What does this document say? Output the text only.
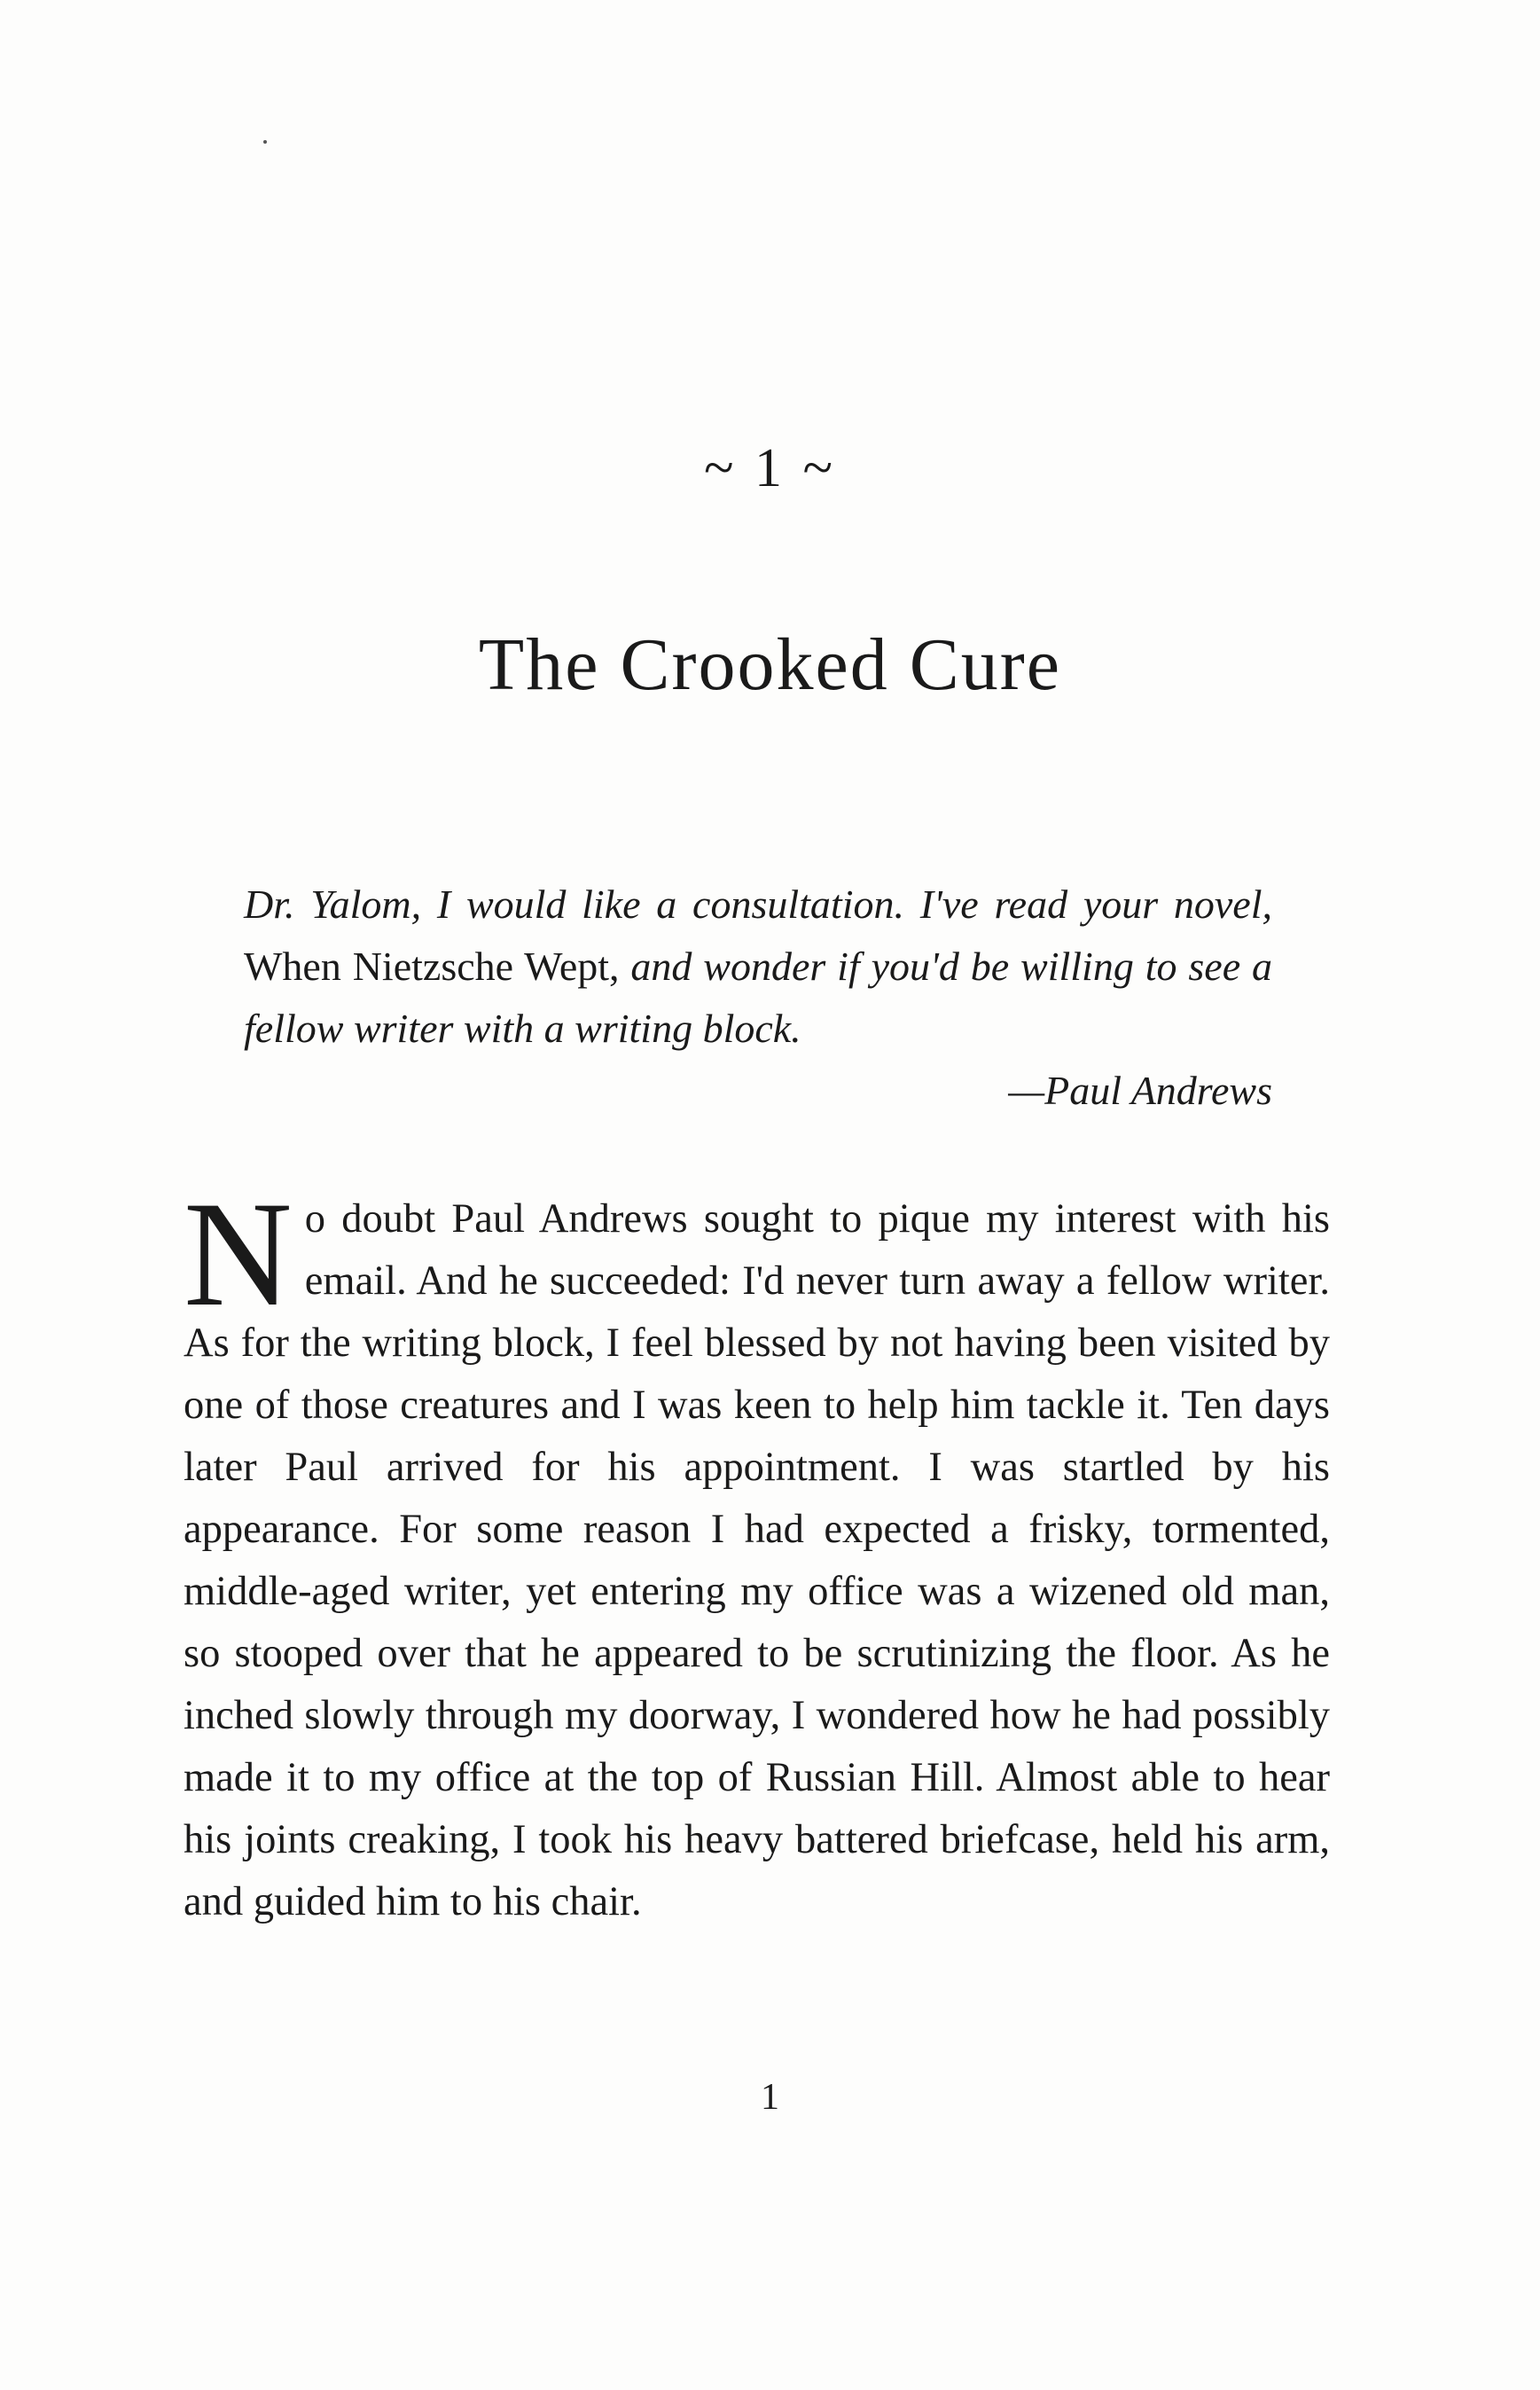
~ 1 ~
The Crooked Cure

Dr. Yalom, I would like a consultation. I've read your novel, When Nietzsche Wept, and wonder if you'd be willing to see a fellow writer with a writing block.

—Paul Andrews

No doubt Paul Andrews sought to pique my interest with his email. And he succeeded: I'd never turn away a fellow writer. As for the writing block, I feel blessed by not having been visited by one of those creatures and I was keen to help him tackle it. Ten days later Paul arrived for his appointment. I was startled by his appearance. For some reason I had expected a frisky, tormented, middle-aged writer, yet entering my office was a wizened old man, so stooped over that he appeared to be scrutinizing the floor. As he inched slowly through my doorway, I wondered how he had possibly made it to my office at the top of Russian Hill. Almost able to hear his joints creaking, I took his heavy battered briefcase, held his arm, and guided him to his chair.

1
